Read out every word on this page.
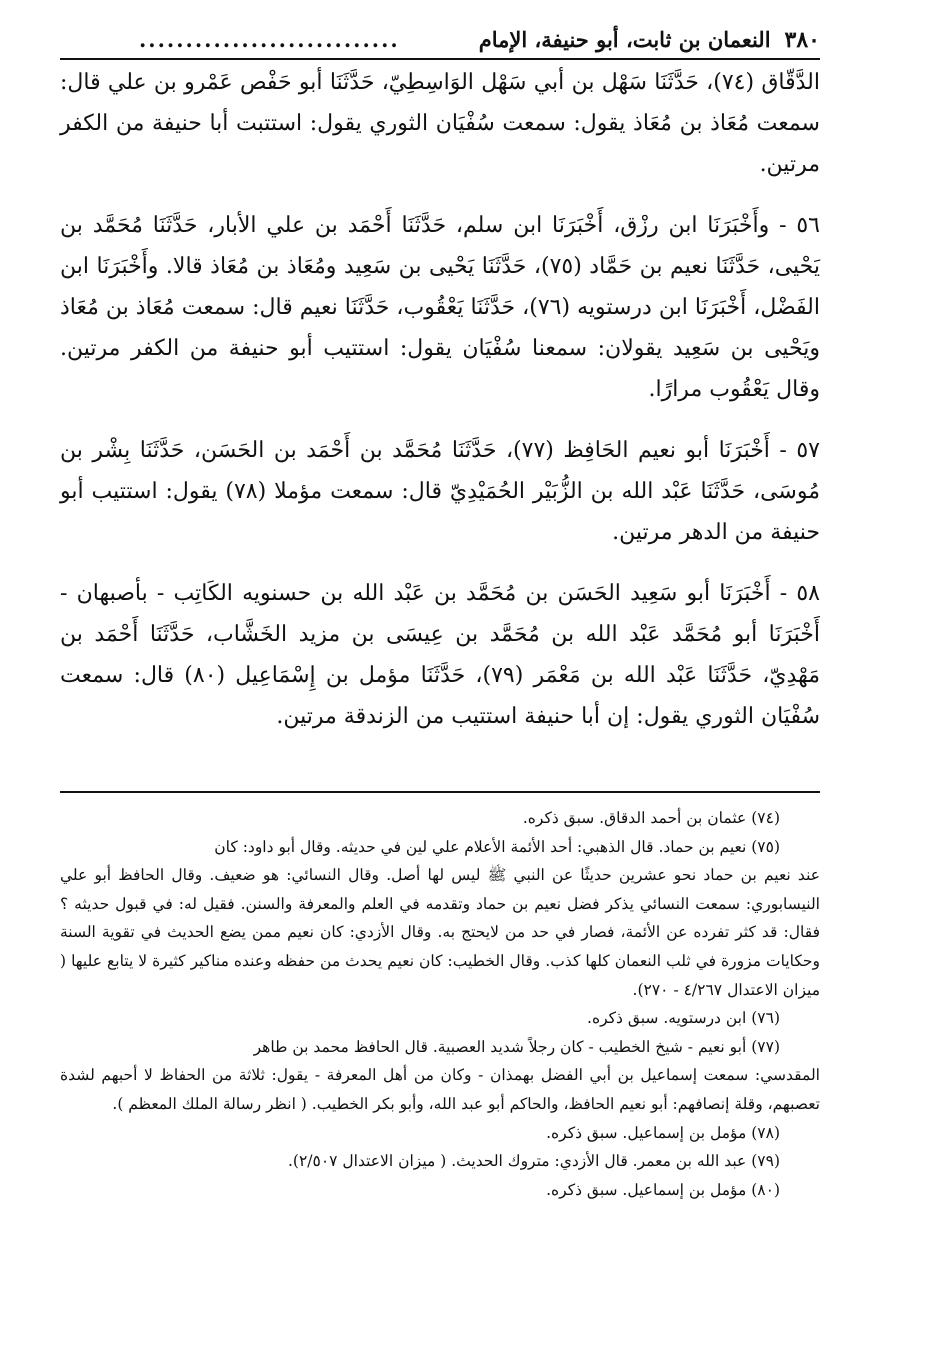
٣٨٠
النعمان بن ثابت، أبو حنيفة، الإمام
............................

الدَّقّاق (٧٤)، حَدَّثَنَا سَهْل بن أبي سَهْل الوَاسِطِيّ، حَدَّثَنَا أبو حَفْص عَمْرو بن علي قال: سمعت مُعَاذ بن مُعَاذ يقول: سمعت سُفْيَان الثوري يقول: استتبت أبا حنيفة من الكفر مرتين.

٥٦ - وأَخْبَرَنَا ابن رزْق، أَخْبَرَنَا ابن سلم، حَدَّثَنَا أَحْمَد بن علي الأبار، حَدَّثَنَا مُحَمَّد بن يَحْيى، حَدَّثَنَا نعيم بن حَمَّاد (٧٥)، حَدَّثَنَا يَحْيى بن سَعِيد ومُعَاذ بن مُعَاذ قالا. وأَخْبَرَنَا ابن الفَضْل، أَخْبَرَنَا ابن درستويه (٧٦)، حَدَّثَنَا يَعْقُوب، حَدَّثَنَا نعيم قال: سمعت مُعَاذ بن مُعَاذ ويَحْيى بن سَعِيد يقولان: سمعنا سُفْيَان يقول: استتيب أبو حنيفة من الكفر مرتين. وقال يَعْقُوب مرارًا.

٥٧ - أَخْبَرَنَا أبو نعيم الحَافِظ (٧٧)، حَدَّثَنَا مُحَمَّد بن أَحْمَد بن الحَسَن، حَدَّثَنَا بِشْر بن مُوسَى، حَدَّثَنَا عَبْد الله بن الزُّبَيْر الحُمَيْدِيّ قال: سمعت مؤملا (٧٨) يقول: استتيب أبو حنيفة من الدهر مرتين.

٥٨ - أَخْبَرَنَا أبو سَعِيد الحَسَن بن مُحَمَّد بن عَبْد الله بن حسنويه الكَاتِب - بأصبهان - أَخْبَرَنَا أبو مُحَمَّد عَبْد الله بن مُحَمَّد بن عِيسَى بن مزيد الخَشَّاب، حَدَّثَنَا أَحْمَد بن مَهْدِيّ، حَدَّثَنَا عَبْد الله بن مَعْمَر (٧٩)، حَدَّثَنَا مؤمل بن إِسْمَاعِيل (٨٠) قال: سمعت سُفْيَان الثوري يقول: إن أبا حنيفة استتيب من الزندقة مرتين.

(٧٤) عثمان بن أحمد الدقاق. سبق ذكره.

(٧٥) نعيم بن حماد. قال الذهبي: أحد الأئمة الأعلام علي لين في حديثه. وقال أبو داود: كان

عند نعيم بن حماد نحو عشرين حديثًا عن النبي ﷺ ليس لها أصل. وقال النسائي: هو ضعيف. وقال الحافظ أبو علي النيسابوري: سمعت النسائي يذكر فضل نعيم بن حماد وتقدمه في العلم والمعرفة والسنن. فقيل له: في قبول حديثه ؟ فقال: قد كثر تفرده عن الأئمة، فصار في حد من لايحتج به. وقال الأزدي: كان نعيم ممن يضع الحديث في تقوية السنة وحكايات مزورة في ثلب النعمان كلها كذب. وقال الخطيب: كان نعيم يحدث من حفظه وعنده مناكير كثيرة لا يتابع عليها ( ميزان الاعتدال ٤/٢٦٧ - ٢٧٠).

(٧٦) ابن درستويه. سبق ذكره.

(٧٧) أبو نعيم - شيخ الخطيب - كان رجلاً شديد العصبية. قال الحافظ محمد بن طاهر

المقدسي: سمعت إسماعيل بن أبي الفضل بهمذان - وكان من أهل المعرفة - يقول: ثلاثة من الحفاظ لا أحبهم لشدة تعصبهم، وقلة إنصافهم: أبو نعيم الحافظ، والحاكم أبو عبد الله، وأبو بكر الخطيب. ( انظر رسالة الملك المعظم ).

(٧٨) مؤمل بن إسماعيل. سبق ذكره.

(٧٩) عبد الله بن معمر. قال الأزدي: متروك الحديث. ( ميزان الاعتدال ٢/٥٠٧).

(٨٠) مؤمل بن إسماعيل. سبق ذكره.
